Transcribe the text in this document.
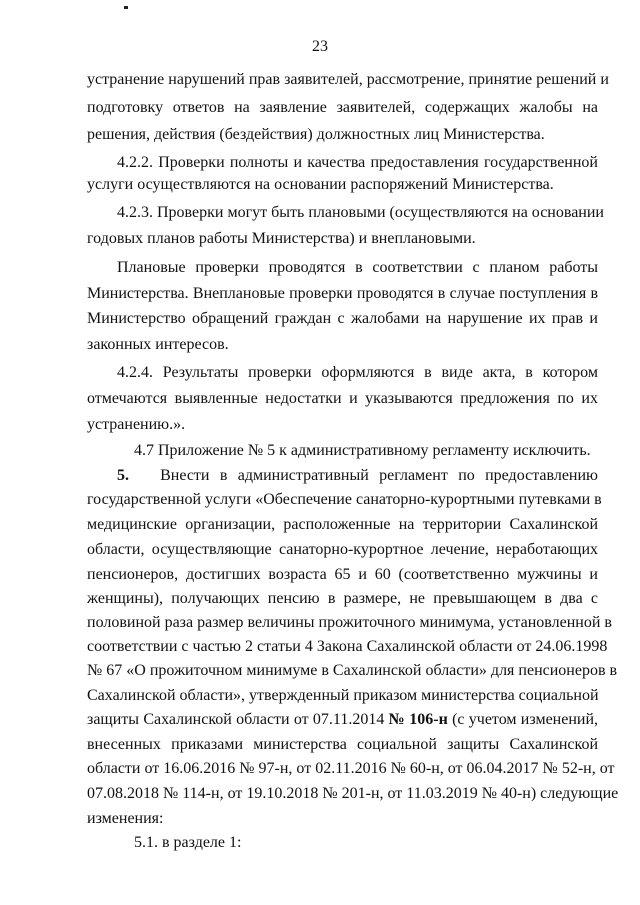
23
устранение нарушений прав заявителей, рассмотрение, принятие решений и
подготовку ответов на заявление заявителей, содержащих жалобы на
решения, действия (бездействия) должностных лиц Министерства.
4.2.2. Проверки полноты и качества предоставления государственной
услуги осуществляются на основании распоряжений Министерства.
4.2.3. Проверки могут быть плановыми (осуществляются на основании
годовых планов работы Министерства) и внеплановыми.
Плановые проверки проводятся в соответствии с планом работы
Министерства. Внеплановые проверки проводятся в случае поступления в
Министерство обращений граждан с жалобами на нарушение их прав и
законных интересов.
4.2.4. Результаты проверки оформляются в виде акта, в котором
отмечаются выявленные недостатки и указываются предложения по их
устранению.».
4.7 Приложение № 5 к административному регламенту исключить.
5. Внести в административный регламент по предоставлению
государственной услуги «Обеспечение санаторно-курортными путевками в
медицинские организации, расположенные на территории Сахалинской
области, осуществляющие санаторно-курортное лечение, неработающих
пенсионеров, достигших возраста 65 и 60 (соответственно мужчины и
женщины), получающих пенсию в размере, не превышающем в два с
половиной раза размер величины прожиточного минимума, установленной в
соответствии с частью 2 статьи 4 Закона Сахалинской области от 24.06.1998
№ 67 «О прожиточном минимуме в Сахалинской области» для пенсионеров в
Сахалинской области», утвержденный приказом министерства социальной
защиты Сахалинской области от 07.11.2014 № 106-н (с учетом изменений,
внесенных приказами министерства социальной защиты Сахалинской
области от 16.06.2016 № 97-н, от 02.11.2016 № 60-н, от 06.04.2017 № 52-н, от
07.08.2018 № 114-н, от 19.10.2018 № 201-н, от 11.03.2019 № 40-н) следующие
изменения:
5.1. в разделе 1:
